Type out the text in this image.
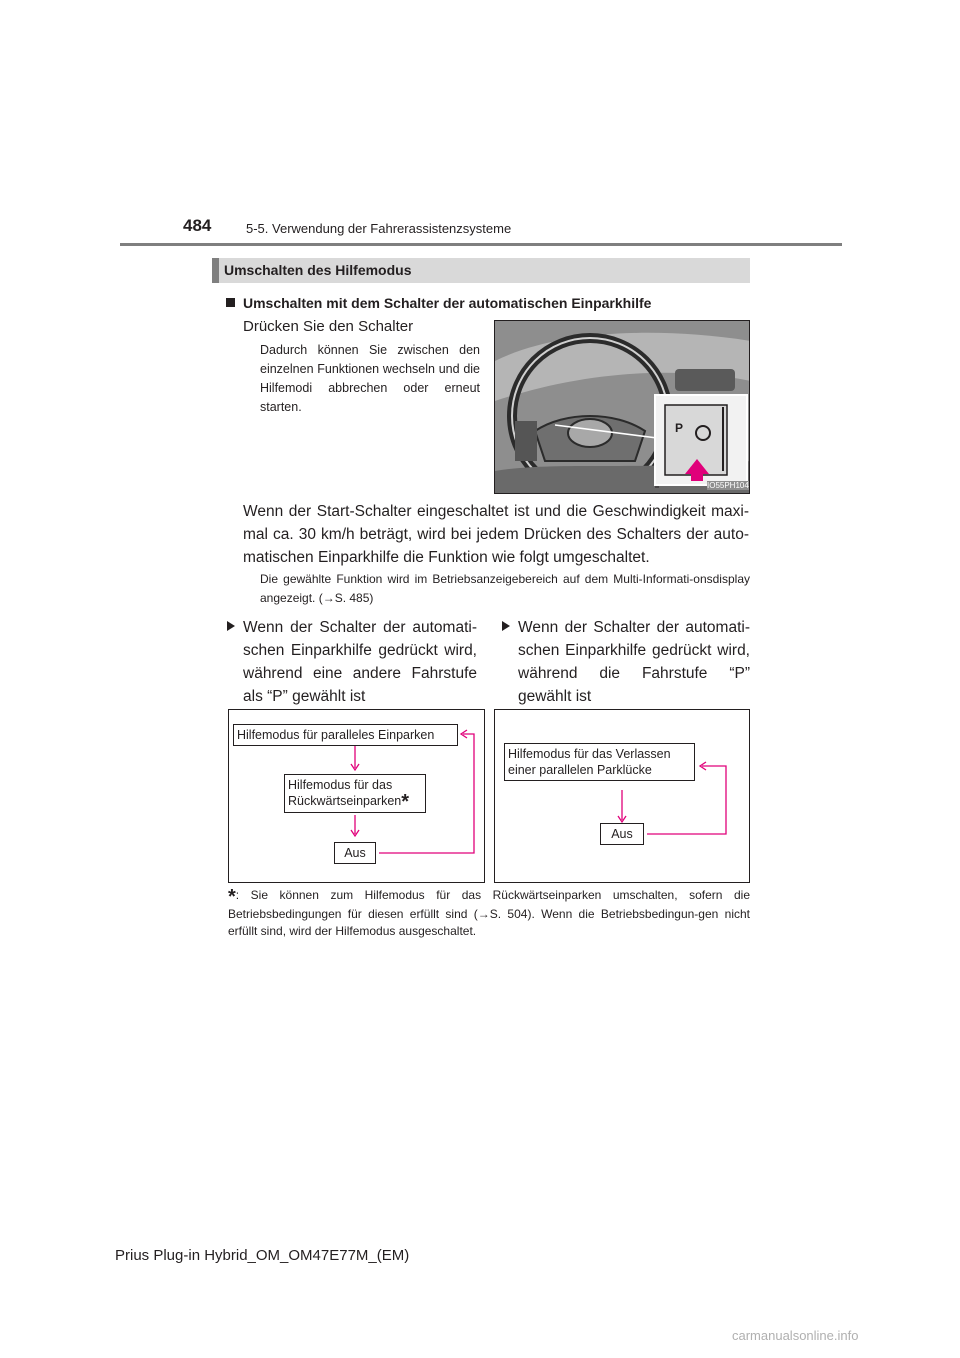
484	5-5. Verwendung der Fahrerassistenzsysteme
Umschalten des Hilfemodus
Umschalten mit dem Schalter der automatischen Einparkhilfe
Drücken Sie den Schalter
Dadurch können Sie zwischen den einzelnen Funktionen wechseln und die Hilfemodi abbrechen oder erneut starten.
P
IO55PH104
Wenn der Start-Schalter eingeschaltet ist und die Geschwindigkeit maxi-mal ca. 30 km/h beträgt, wird bei jedem Drücken des Schalters der auto-matischen Einparkhilfe die Funktion wie folgt umgeschaltet.
Die gewählte Funktion wird im Betriebsanzeigebereich auf dem Multi-Informati-onsdisplay angezeigt. (→S. 485)
Wenn der Schalter der automati-schen Einparkhilfe gedrückt wird, während eine andere Fahrstufe als “P” gewählt ist
Wenn der Schalter der automati-schen Einparkhilfe gedrückt wird, während die Fahrstufe “P” gewählt ist
Hilfemodus für paralleles Einparken
Hilfemodus für das
Rückwärtseinparken*
Aus
Hilfemodus für das Verlassen
einer parallelen Parklücke
Aus
*: Sie können zum Hilfemodus für das Rückwärtseinparken umschalten, sofern die Betriebsbedingungen für diesen erfüllt sind (→S. 504). Wenn die Betriebsbedingun-gen nicht erfüllt sind, wird der Hilfemodus ausgeschaltet.
Prius Plug-in Hybrid_OM_OM47E77M_(EM)
carmanualsonline.info
